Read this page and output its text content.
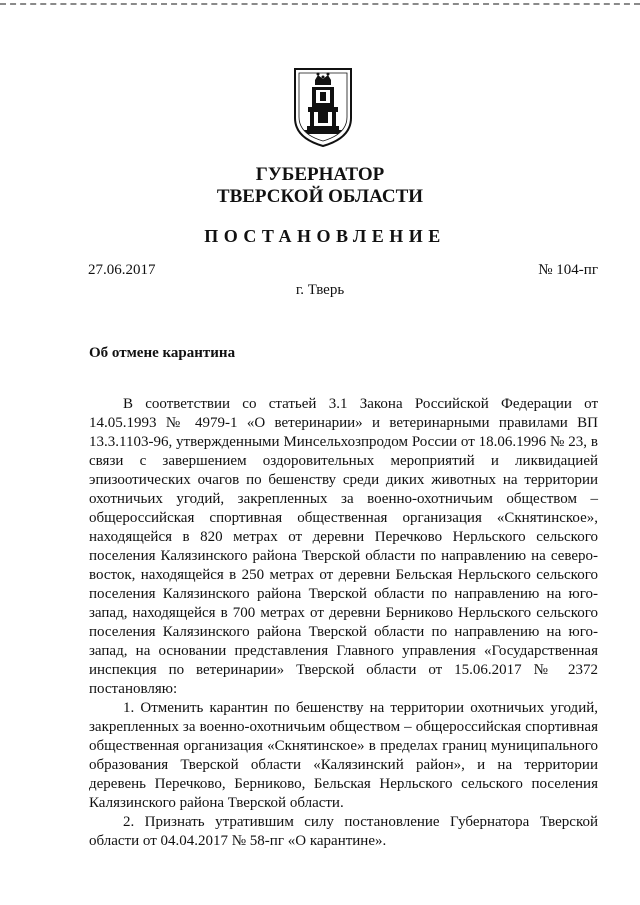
ГУБЕРНАТОР
ТВЕРСКОЙ ОБЛАСТИ
ПОСТАНОВЛЕНИЕ
27.06.2017	№ 104-пг
г. Тверь
Об отмене карантина

В соответствии со статьей 3.1 Закона Российской Федерации от 14.05.1993 № 4979-1 «О ветеринарии» и ветеринарными правилами ВП 13.3.1103-96, утвержденными Минсельхозпродом России от 18.06.1996 № 23, в связи с завершением оздоровительных мероприятий и ликвидацией эпизоотических очагов по бешенству среди диких животных на территории охотничьих угодий, закрепленных за военно-охотничьим обществом – общероссийская спортивная общественная организация «Скнятинское», находящейся в 820 метрах от деревни Перечково Нерльского сельского поселения Калязинского района Тверской области по направлению на северо-восток, находящейся в 250 метрах от деревни Бельская Нерльского сельского поселения Калязинского района Тверской области по направлению на юго-запад, находящейся в 700 метрах от деревни Берниково Нерльского сельского поселения Калязинского района Тверской области по направлению на юго-запад, на основании представления Главного управления «Государственная инспекция по ветеринарии» Тверской области от 15.06.2017 № 2372 постановляю:

1. Отменить карантин по бешенству на территории охотничьих угодий, закрепленных за военно-охотничьим обществом – общероссийская спортивная общественная организация «Скнятинское» в пределах границ муниципального образования Тверской области «Калязинский район», и на территории деревень Перечково, Берниково, Бельская Нерльского сельского поселения Калязинского района Тверской области.

2. Признать утратившим силу постановление Губернатора Тверской области от 04.04.2017 № 58-пг «О карантине».
